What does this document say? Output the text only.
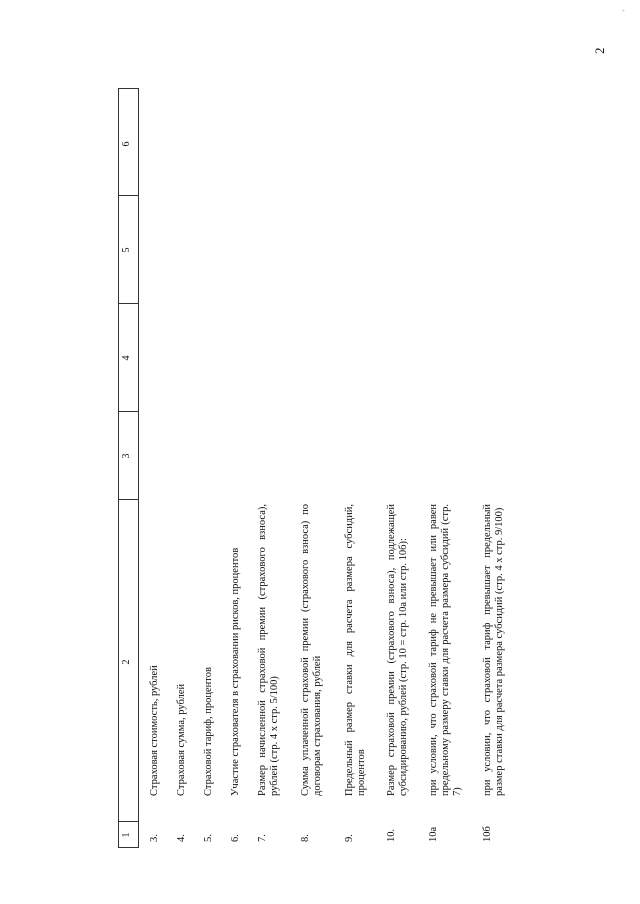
2
-
1
2
3
4
5
6
3.
Страховая стоимость, рублей
4.
Страховая сумма, рублей
5.
Страховой тариф, процентов
6.
Участие страхователя в страховании рисков, процентов
7.
Размер начисленной страховой премии (страхового взноса), рублей (стр. 4 x стр. 5/100)
8.
Сумма уплаченной страховой премии (страхового взноса) по договорам страхования, рублей
9.
Предельный размер ставки для расчета размера субсидий, процентов
10.
Размер страховой премии (страхового взноса), подлежащей субсидированию, рублей (стр. 10 = стр. 10а или стр. 10б):
10а
при условии, что страховой тариф не превышает или равен предельному размеру ставки для расчета размера субсидий (стр. 7)
10б
при условии, что страховой тариф превышает предельный размер ставки для расчета размера субсидий (стр. 4 x стр. 9/100)
